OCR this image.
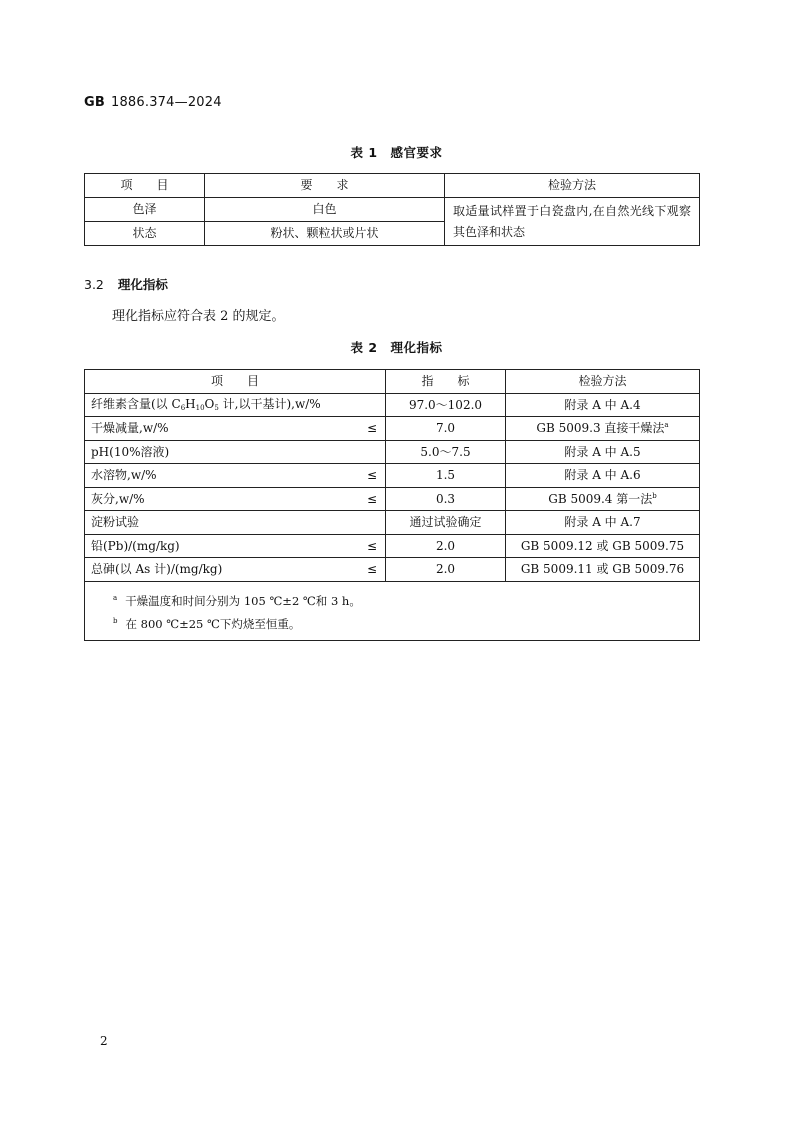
GB 1886.374—2024
表 1　感官要求
项　　目	要　　求	检验方法
色泽	白色	取适量试样置于白瓷盘内,在自然光线下观察其色泽和状态
状态	粉状、颗粒状或片状	
3.2 理化指标
理化指标应符合表 2 的规定。
表 2　理化指标
项　　目	指　　标	检验方法
纤维素含量(以 $C_6H_{10}O_5$ 计,以干基计),w/%	97.0～102.0	附录 A 中 A.4

干燥减量,w/% ≤	7.0	GB 5009.3 直接干燥法$^a$

pH(10%溶液)	5.0～7.5	附录 A 中 A.5

水溶物,w/% ≤	1.5	附录 A 中 A.6

灰分,w/% ≤	0.3	GB 5009.4 第一法$^b$

淀粉试验	通过试验确定	附录 A 中 A.7

铅(Pb)/(mg/kg) ≤	2.0	GB 5009.12 或 GB 5009.75

总砷(以 As 计)/(mg/kg) ≤	2.0	GB 5009.11 或 GB 5009.76

$^a$ 干燥温度和时间分别为 105 ℃±2 ℃和 3 h。
$^b$ 在 800 ℃±25 ℃下灼烧至恒重。		
2
